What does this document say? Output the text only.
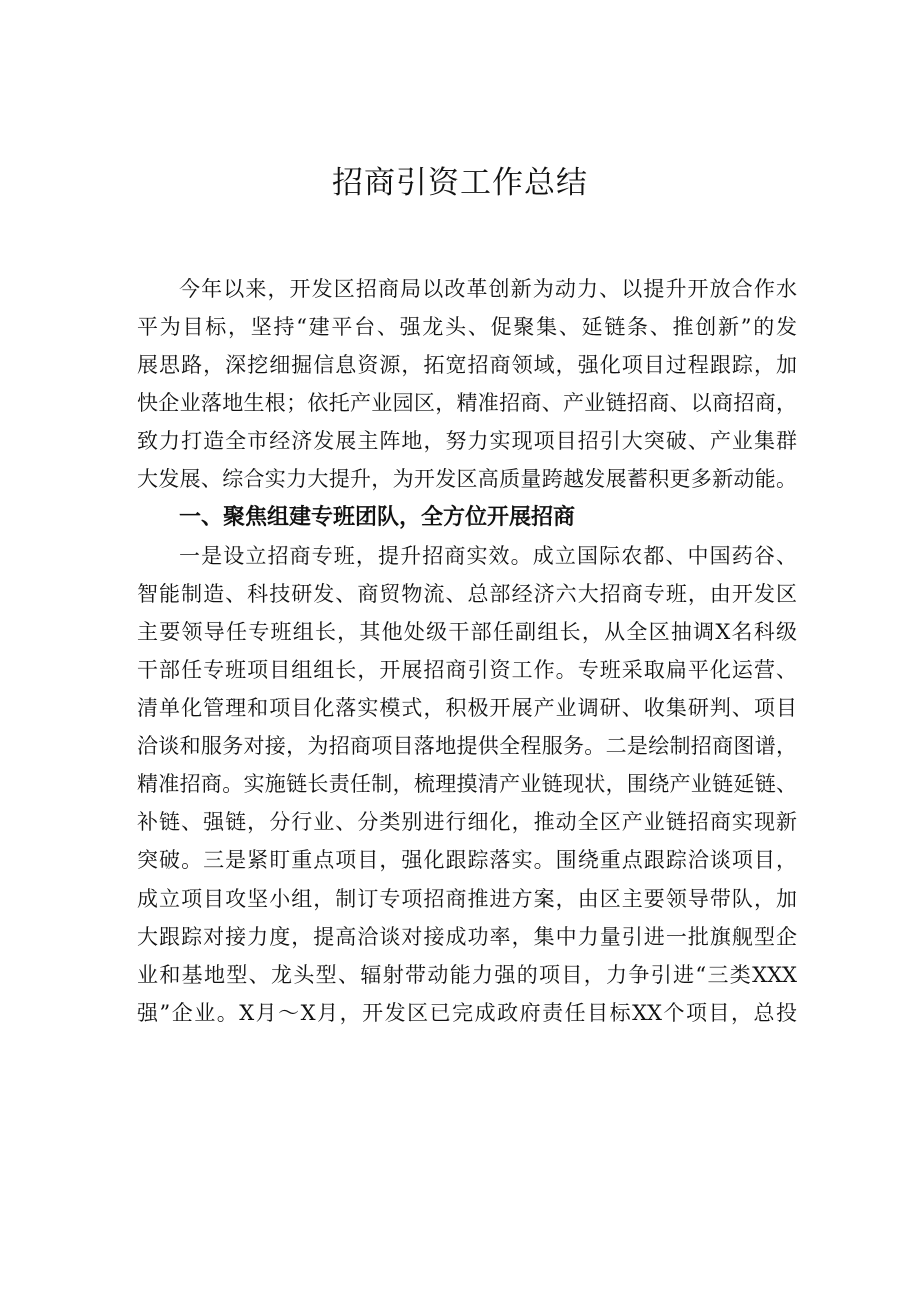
招商引资工作总结
今年以来，开发区招商局以改革创新为动力、以提升开放合作水
平为目标，坚持“建平台、强龙头、促聚集、延链条、推创新”的发
展思路，深挖细掘信息资源，拓宽招商领域，强化项目过程跟踪，加
快企业落地生根；依托产业园区，精准招商、产业链招商、以商招商，
致力打造全市经济发展主阵地，努力实现项目招引大突破、产业集群
大发展、综合实力大提升，为开发区高质量跨越发展蓄积更多新动能。
一、聚焦组建专班团队，全方位开展招商
一是设立招商专班，提升招商实效。成立国际农都、中国药谷、
智能制造、科技研发、商贸物流、总部经济六大招商专班，由开发区
主要领导任专班组长，其他处级干部任副组长，从全区抽调X名科级
干部任专班项目组组长，开展招商引资工作。专班采取扁平化运营、
清单化管理和项目化落实模式，积极开展产业调研、收集研判、项目
洽谈和服务对接，为招商项目落地提供全程服务。二是绘制招商图谱，
精准招商。实施链长责任制，梳理摸清产业链现状，围绕产业链延链、
补链、强链，分行业、分类别进行细化，推动全区产业链招商实现新
突破。三是紧盯重点项目，强化跟踪落实。围绕重点跟踪洽谈项目，
成立项目攻坚小组，制订专项招商推进方案，由区主要领导带队，加
大跟踪对接力度，提高洽谈对接成功率，集中力量引进一批旗舰型企
业和基地型、龙头型、辐射带动能力强的项目，力争引进“三类XXX
强”企业。X月～X月，开发区已完成政府责任目标XX个项目，总投
